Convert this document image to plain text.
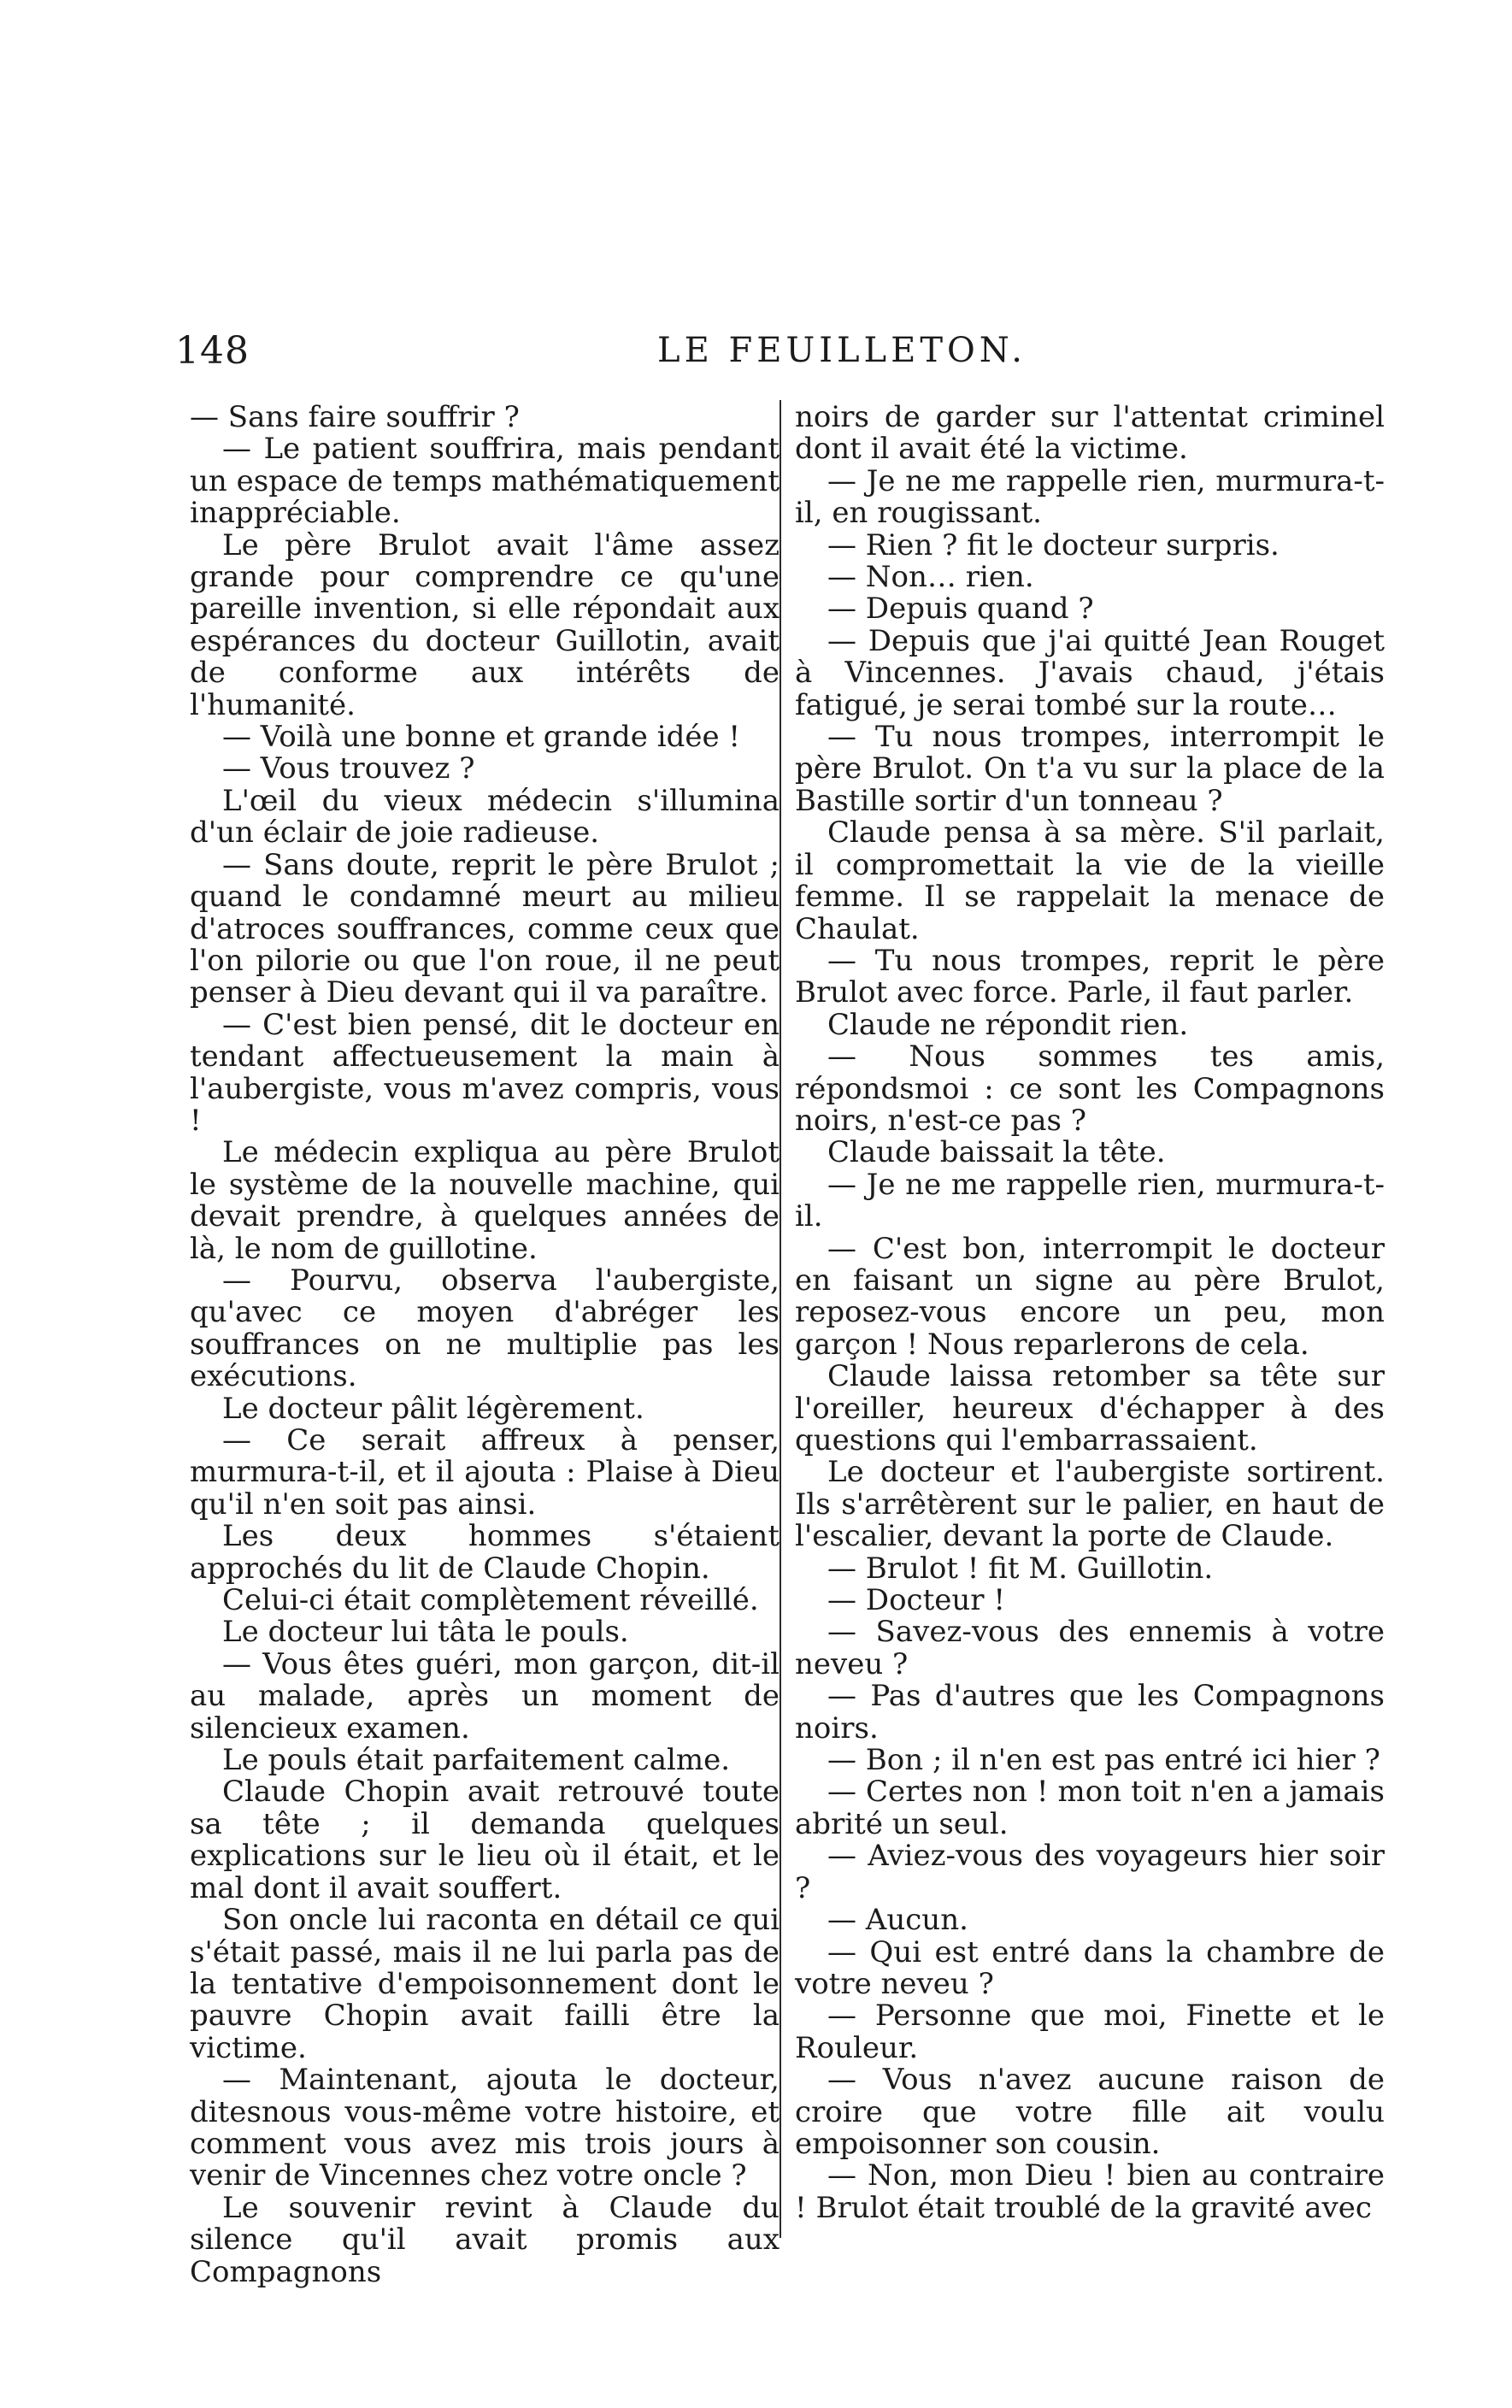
148	LE FEUILLETON.

— Sans faire souffrir ?

— Le patient souffrira, mais pendant un espace de temps mathématiquement inappréciable.

Le père Brulot avait l'âme assez grande pour comprendre ce qu'une pareille invention, si elle répondait aux espérances du docteur Guillotin, avait de conforme aux intérêts de l'humanité.

— Voilà une bonne et grande idée !

— Vous trouvez ?

L'œil du vieux médecin s'illumina d'un éclair de joie radieuse.

— Sans doute, reprit le père Brulot ; quand le condamné meurt au milieu d'atroces souffrances, comme ceux que l'on pilorie ou que l'on roue, il ne peut penser à Dieu devant qui il va paraître.

— C'est bien pensé, dit le docteur en tendant affectueusement la main à l'aubergiste, vous m'avez compris, vous !

Le médecin expliqua au père Brulot le système de la nouvelle machine, qui devait prendre, à quelques années de là, le nom de guillotine.

— Pourvu, observa l'aubergiste, qu'avec ce moyen d'abréger les souffrances on ne multiplie pas les exécutions.

Le docteur pâlit légèrement.

— Ce serait affreux à penser, murmura-t-il, et il ajouta : Plaise à Dieu qu'il n'en soit pas ainsi.

Les deux hommes s'étaient approchés du lit de Claude Chopin.

Celui-ci était complètement réveillé.

Le docteur lui tâta le pouls.

— Vous êtes guéri, mon garçon, dit-il au malade, après un moment de silencieux examen.

Le pouls était parfaitement calme.

Claude Chopin avait retrouvé toute sa tête ; il demanda quelques explications sur le lieu où il était, et le mal dont il avait souffert.

Son oncle lui raconta en détail ce qui s'était passé, mais il ne lui parla pas de la tentative d'empoisonnement dont le pauvre Chopin avait failli être la victime.

— Maintenant, ajouta le docteur, ditesnous vous-même votre histoire, et comment vous avez mis trois jours à venir de Vincennes chez votre oncle ?

Le souvenir revint à Claude du silence qu'il avait promis aux Compagnons

noirs de garder sur l'attentat criminel dont il avait été la victime.

— Je ne me rappelle rien, murmura-t-il, en rougissant.

— Rien ? fit le docteur surpris.

— Non… rien.

— Depuis quand ?

— Depuis que j'ai quitté Jean Rouget à Vincennes. J'avais chaud, j'étais fatigué, je serai tombé sur la route…

— Tu nous trompes, interrompit le père Brulot. On t'a vu sur la place de la Bastille sortir d'un tonneau ?

Claude pensa à sa mère. S'il parlait, il compromettait la vie de la vieille femme. Il se rappelait la menace de Chaulat.

— Tu nous trompes, reprit le père Brulot avec force. Parle, il faut parler.

Claude ne répondit rien.

— Nous sommes tes amis, répondsmoi : ce sont les Compagnons noirs, n'est-ce pas ?

Claude baissait la tête.

— Je ne me rappelle rien, murmura-t-il.

— C'est bon, interrompit le docteur en faisant un signe au père Brulot, reposez-vous encore un peu, mon garçon ! Nous reparlerons de cela.

Claude laissa retomber sa tête sur l'oreiller, heureux d'échapper à des questions qui l'embarrassaient.

Le docteur et l'aubergiste sortirent. Ils s'arrêtèrent sur le palier, en haut de l'escalier, devant la porte de Claude.

— Brulot ! fit M. Guillotin.

— Docteur !

— Savez-vous des ennemis à votre neveu ?

— Pas d'autres que les Compagnons noirs.

— Bon ; il n'en est pas entré ici hier ?

— Certes non ! mon toit n'en a jamais abrité un seul.

— Aviez-vous des voyageurs hier soir ?

— Aucun.

— Qui est entré dans la chambre de votre neveu ?

— Personne que moi, Finette et le Rouleur.

— Vous n'avez aucune raison de croire que votre fille ait voulu empoisonner son cousin.

— Non, mon Dieu ! bien au contraire ! Brulot était troublé de la gravité avec
